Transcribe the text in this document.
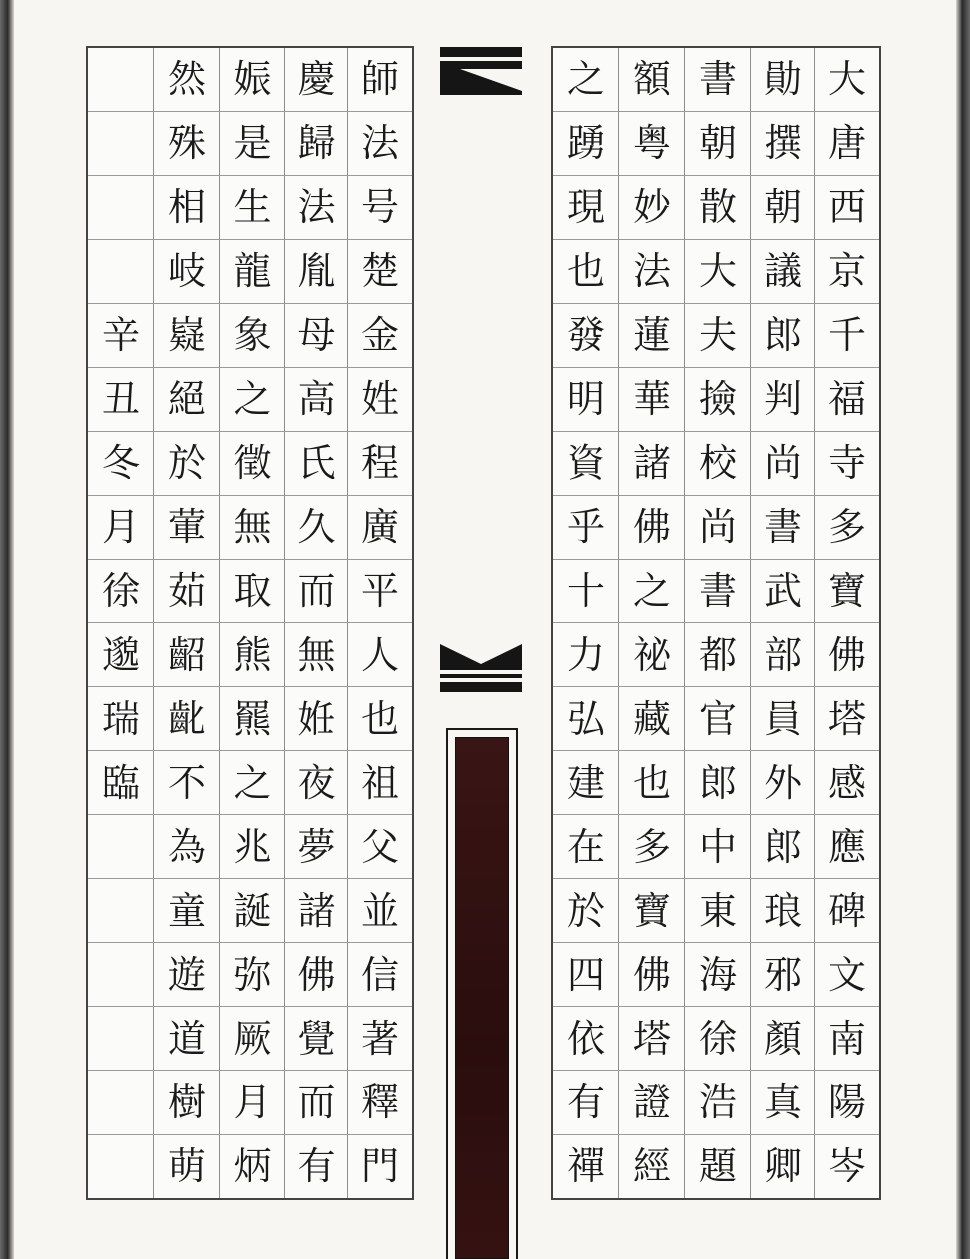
師
法
号
楚
金
姓
程
廣
平
人
也
祖
父
並
信
著
釋
門
慶
歸
法
胤
母
高
氏
久
而
無
姙
夜
夢
諸
佛
覺
而
有
娠
是
生
龍
象
之
徵
無
取
熊
羆
之
兆
誕
弥
厥
月
炳
然
殊
相
岐
嶷
絕
於
葷
茹
齠
齔
不
為
童
遊
道
樹
萌
辛
丑
冬
月
徐
邈
瑞
臨
大
唐
西
京
千
福
寺
多
寶
佛
塔
感
應
碑
文
南
陽
岑
勛
撰
朝
議
郎
判
尚
書
武
部
員
外
郎
琅
邪
顏
真
卿
書
朝
散
大
夫
撿
校
尚
書
都
官
郎
中
東
海
徐
浩
題
額
粤
妙
法
蓮
華
諸
佛
之
祕
藏
也
多
寶
佛
塔
證
經
之
踴
現
也
發
明
資
乎
十
力
弘
建
在
於
四
依
有
禪
